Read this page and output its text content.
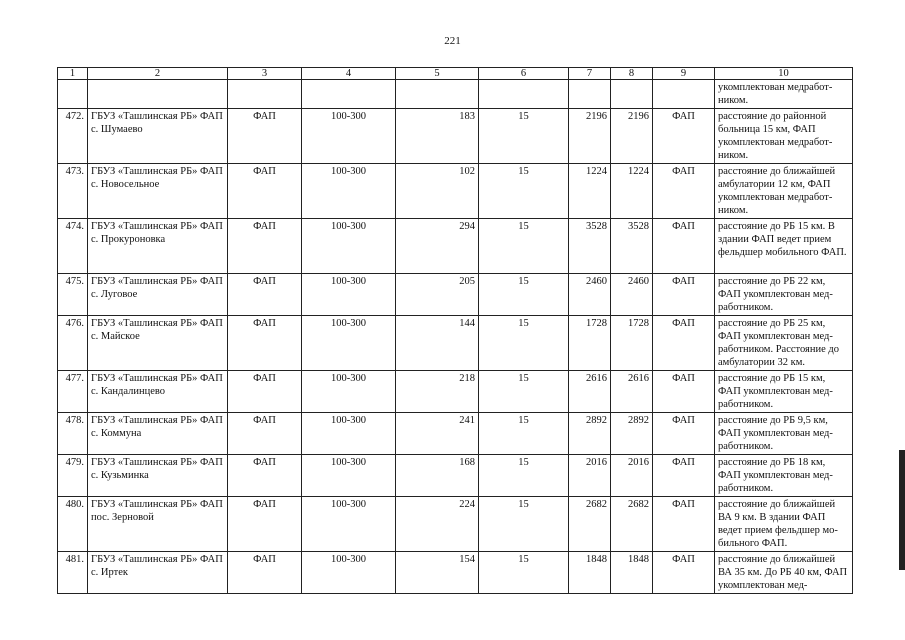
221
1	2	3	4	5	6	7	8	9	10
									укомплектован медработ-ником.
472.	ГБУЗ «Ташлинская РБ» ФАП с. Шумаево	ФАП	100-300	183	15	2196	2196	ФАП	расстояние до районной больница 15 км, ФАП укомплектован медработ-ником.
473.	ГБУЗ «Ташлинская РБ» ФАП с. Новосельное	ФАП	100-300	102	15	1224	1224	ФАП	расстояние до ближайшей амбулатории 12 км, ФАП укомплектован медработ-ником.
474.	ГБУЗ «Ташлинская РБ» ФАП с. Прокуроновка	ФАП	100-300	294	15	3528	3528	ФАП	расстояние до РБ 15 км. В здании ФАП ведет прием фельдшер мобильного ФАП.
475.	ГБУЗ «Ташлинская РБ» ФАП с. Луговое	ФАП	100-300	205	15	2460	2460	ФАП	расстояние до РБ 22 км, ФАП укомплектован мед-работником.
476.	ГБУЗ «Ташлинская РБ» ФАП с. Майское	ФАП	100-300	144	15	1728	1728	ФАП	расстояние до РБ 25 км, ФАП укомплектован мед-работником. Расстояние до амбулатории 32 км.
477.	ГБУЗ «Ташлинская РБ» ФАП с. Кандалинцево	ФАП	100-300	218	15	2616	2616	ФАП	расстояние до РБ 15 км, ФАП укомплектован мед-работником.
478.	ГБУЗ «Ташлинская РБ» ФАП с. Коммуна	ФАП	100-300	241	15	2892	2892	ФАП	расстояние до РБ 9,5 км, ФАП укомплектован мед-работником.
479.	ГБУЗ «Ташлинская РБ» ФАП с. Кузьминка	ФАП	100-300	168	15	2016	2016	ФАП	расстояние до РБ 18 км, ФАП укомплектован мед-работником.
480.	ГБУЗ «Ташлинская РБ» ФАП пос. Зерновой	ФАП	100-300	224	15	2682	2682	ФАП	расстояние до ближайшей ВА 9 км. В здании ФАП ведет прием фельдшер мо-бильного ФАП.
481.	ГБУЗ «Ташлинская РБ» ФАП с. Иртек	ФАП	100-300	154	15	1848	1848	ФАП	расстояние до ближайшей ВА 35 км. До РБ 40 км, ФАП укомплектован мед-
